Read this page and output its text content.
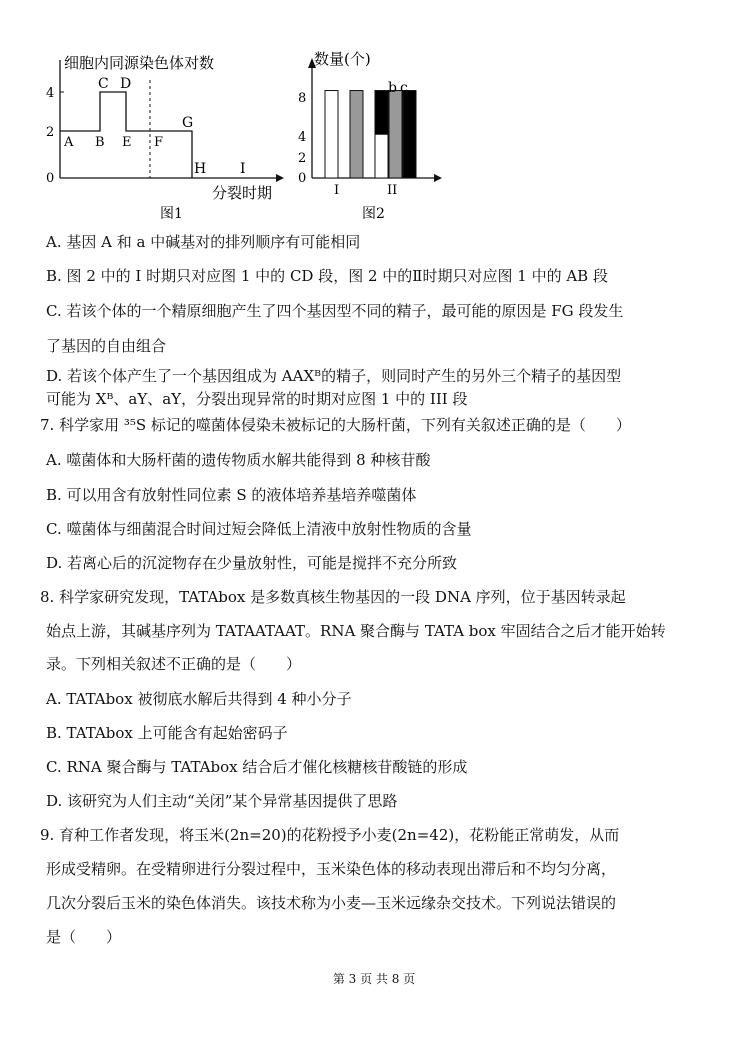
细胞内同源染色体对数
4
2
0
A B
C D
E F
G
H I
分裂时期
图1
数量(个)
8
4
2
0
a
b c
I	II
图2
A. 基因 A 和 a 中碱基对的排列顺序有可能相同
B. 图 2 中的 I 时期只对应图 1 中的 CD 段，图 2 中的Ⅱ时期只对应图 1 中的 AB 段
C. 若该个体的一个精原细胞产生了四个基因型不同的精子，最可能的原因是 FG 段发生
了基因的自由组合
D. 若该个体产生了一个基因组成为 AAXᴮ的精子，则同时产生的另外三个精子的基因型
可能为 Xᴮ、aY、aY，分裂出现异常的时期对应图 1 中的 III 段
7. 科学家用 ³⁵S 标记的噬菌体侵染未被标记的大肠杆菌，下列有关叙述正确的是（　　）
A. 噬菌体和大肠杆菌的遗传物质水解共能得到 8 种核苷酸
B. 可以用含有放射性同位素 S 的液体培养基培养噬菌体
C. 噬菌体与细菌混合时间过短会降低上清液中放射性物质的含量
D. 若离心后的沉淀物存在少量放射性，可能是搅拌不充分所致
8. 科学家研究发现，TATAbox 是多数真核生物基因的一段 DNA 序列，位于基因转录起
始点上游，其碱基序列为 TATAATAAT。RNA 聚合酶与 TATA box 牢固结合之后才能开始转
录。下列相关叙述不正确的是（　　）
A. TATAbox 被彻底水解后共得到 4 种小分子
B. TATAbox 上可能含有起始密码子
C. RNA 聚合酶与 TATAbox 结合后才催化核糖核苷酸链的形成
D. 该研究为人们主动“关闭”某个异常基因提供了思路
9. 育种工作者发现，将玉米(2n=20)的花粉授予小麦(2n=42)，花粉能正常萌发，从而
形成受精卵。在受精卵进行分裂过程中，玉米染色体的移动表现出滞后和不均匀分离，
几次分裂后玉米的染色体消失。该技术称为小麦—玉米远缘杂交技术。下列说法错误的
是（　　）
第 3 页 共 8 页
